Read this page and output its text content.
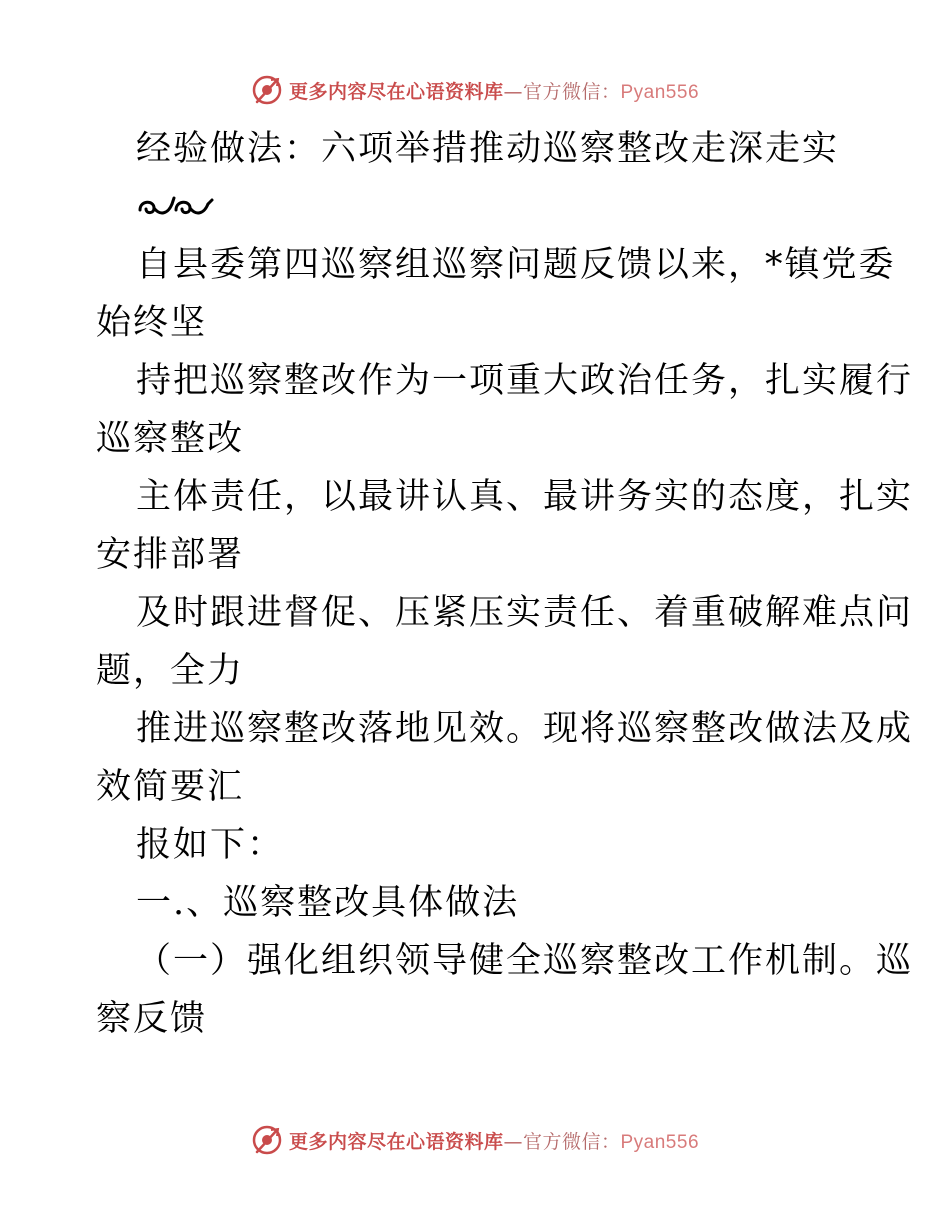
更多内容尽在心语资料库—官方微信：Pyan556
经验做法：六项举措推动巡察整改走深走实
自县委第四巡察组巡察问题反馈以来，*镇党委
始终坚
持把巡察整改作为一项重大政治任务，扎实履行
巡察整改
主体责任，以最讲认真、最讲务实的态度，扎实
安排部署
及时跟进督促、压紧压实责任、着重破解难点问
题，全力
推进巡察整改落地见效。现将巡察整改做法及成
效简要汇
报如下：
一.、巡察整改具体做法
（一）强化组织领导健全巡察整改工作机制。巡
察反馈
更多内容尽在心语资料库—官方微信：Pyan556
